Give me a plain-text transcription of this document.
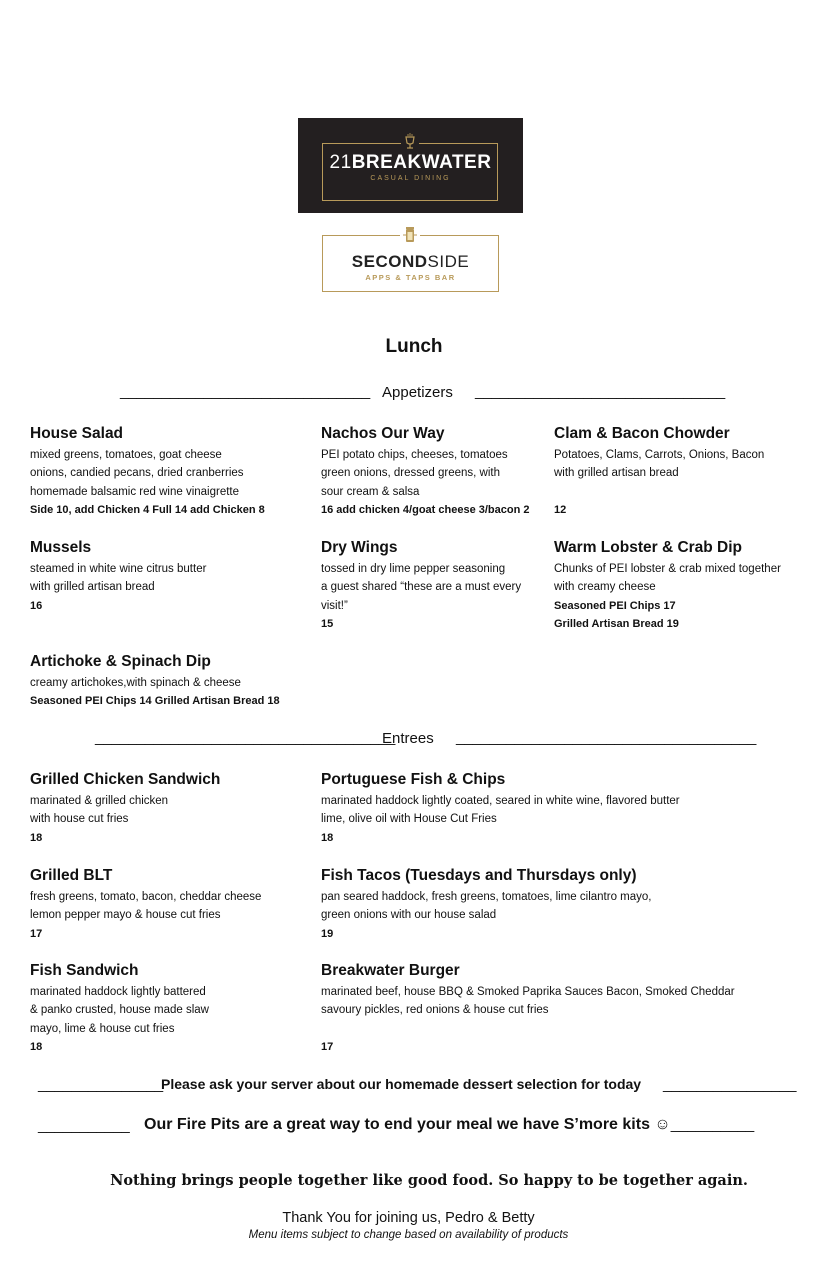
21BREAKWATER
CASUAL DINING
SECONDSIDE
APPS & TAPS BAR
Lunch
______________________________ Appetizers ______________________________
House Salad
mixed greens, tomatoes, goat cheese
onions, candied pecans, dried cranberries
homemade balsamic red wine vinaigrette
Side 10, add Chicken 4 Full 14 add Chicken 8
Nachos Our Way
PEI potato chips, cheeses, tomatoes
green onions, dressed greens, with
sour cream & salsa
16 add chicken 4/goat cheese 3/bacon 2
Clam & Bacon Chowder
Potatoes, Clams, Carrots, Onions, Bacon
with grilled artisan bread
12
Mussels
steamed in white wine citrus butter
with grilled artisan bread
16
Dry Wings
tossed in dry lime pepper seasoning
a guest shared “these are a must every
visit!”
15
Warm Lobster & Crab Dip
Chunks of PEI lobster & crab mixed together
with creamy cheese
Seasoned PEI Chips 17
Grilled Artisan Bread 19
Artichoke & Spinach Dip
creamy artichokes,with spinach & cheese
Seasoned PEI Chips 14 Grilled Artisan Bread 18
____________________________________
Entrees ____________________________________
Grilled Chicken Sandwich
marinated & grilled chicken
with house cut fries
18
Portuguese Fish & Chips
marinated haddock lightly coated, seared in white wine, flavored butter
lime, olive oil with House Cut Fries
18
Grilled BLT
fresh greens, tomato, bacon, cheddar cheese
lemon pepper mayo & house cut fries
17
Fish Tacos (Tuesdays and Thursdays only)
pan seared haddock, fresh greens, tomatoes, lime cilantro mayo,
green onions with our house salad
19
Fish Sandwich
marinated haddock lightly battered
& panko crusted, house made slaw
mayo, lime & house cut fries
18
Breakwater Burger
marinated beef, house BBQ & Smoked Paprika Sauces Bacon, Smoked Cheddar
savoury pickles, red onions & house cut fries
17
_______________
Please ask your server about our homemade dessert selection for today ________________
___________ Our Fire Pits are a great way to end your meal we have S’more kits ☺__________
Nothing brings people together like good food. So happy to be together again.
Thank You for joining us, Pedro & Betty
Menu items subject to change based on availability of products
